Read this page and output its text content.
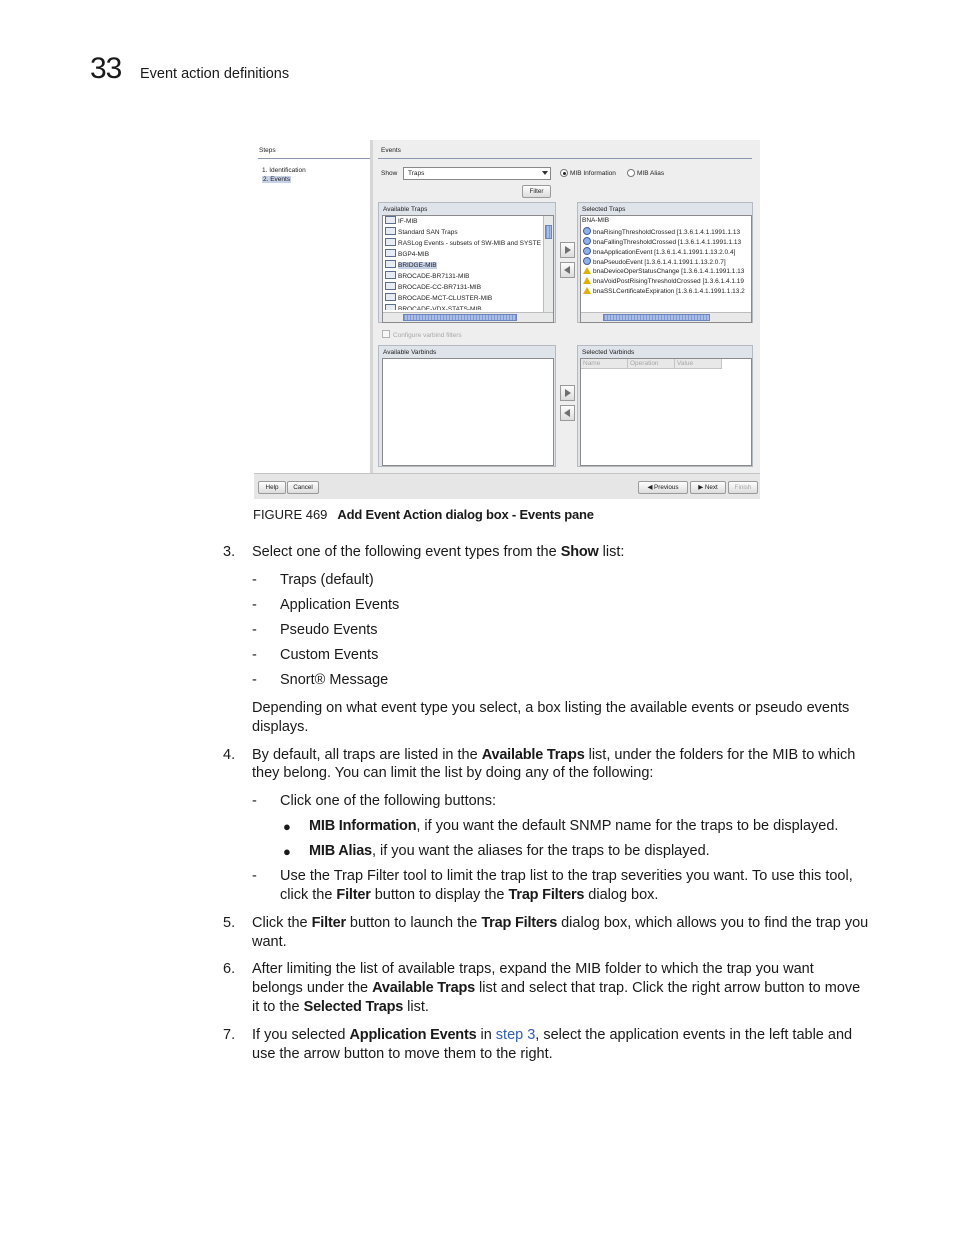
33 Event action definitions
Steps
1. Identification
2. Events
Events
Show Traps	MIB Information	MIB Alias
Filter
Available Traps
IF-MIB
Standard SAN Traps
RASLog Events - subsets of SW-MIB and SYSTE
BGP4-MIB
BRIDGE-MIB
BROCADE-BR7131-MIB
BROCADE-CC-BR7131-MIB
BROCADE-MCT-CLUSTER-MIB
BROCADE-VDX-STATS-MIB
Selected Traps
BNA-MIB
bnaRisingThresholdCrossed [1.3.6.1.4.1.1991.1.13
bnaFallingThresholdCrossed [1.3.6.1.4.1.1991.1.13
bnaApplicationEvent [1.3.6.1.4.1.1991.1.13.2.0.4]
bnaPseudoEvent [1.3.6.1.4.1.1991.1.13.2.0.7]
bnaDeviceOperStatusChange [1.3.6.1.4.1.1991.1.13
bnaVoidPostRisingThresholdCrossed [1.3.6.1.4.1.19
bnaSSLCertificateExpiration [1.3.6.1.4.1.1991.1.13.2
Configure varbind filters
Available Varbinds	Selected Varbinds
Name	Operation	Value
Help	Cancel	◀ Previous	▶ Next	Finish
FIGURE 469 Add Event Action dialog box - Events pane
3. Select one of the following event types from the Show list:
- Traps (default)
- Application Events
- Pseudo Events
- Custom Events
- Snort® Message
Depending on what event type you select, a box listing the available events or pseudo events
displays.
4. By default, all traps are listed in the Available Traps list, under the folders for the MIB to which
they belong. You can limit the list by doing any of the following:
- Click one of the following buttons:
● MIB Information, if you want the default SNMP name for the traps to be displayed.
● MIB Alias, if you want the aliases for the traps to be displayed.
- Use the Trap Filter tool to limit the trap list to the trap severities you want. To use this tool,
click the Filter button to display the Trap Filters dialog box.
5. Click the Filter button to launch the Trap Filters dialog box, which allows you to find the trap you
want.
6. After limiting the list of available traps, expand the MIB folder to which the trap you want
belongs under the Available Traps list and select that trap. Click the right arrow button to move
it to the Selected Traps list.
7. If you selected Application Events in step 3, select the application events in the left table and
use the arrow button to move them to the right.
